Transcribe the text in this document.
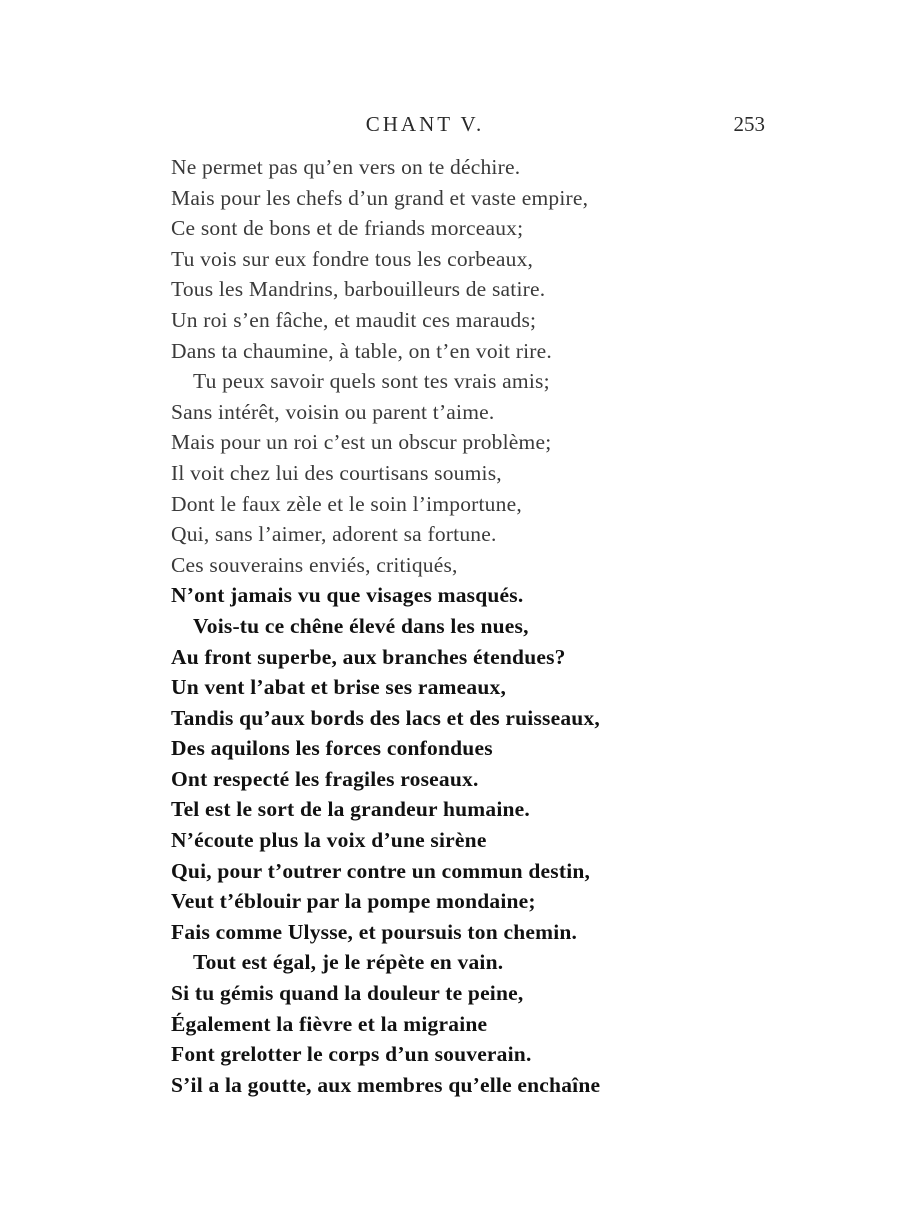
CHANT V.	253
Ne permet pas qu’en vers on te déchire.
Mais pour les chefs d’un grand et vaste empire,
Ce sont de bons et de friands morceaux;
Tu vois sur eux fondre tous les corbeaux,
Tous les Mandrins, barbouilleurs de satire.
Un roi s’en fâche, et maudit ces marauds;
Dans ta chaumine, à table, on t’en voit rire.
Tu peux savoir quels sont tes vrais amis;
Sans intérêt, voisin ou parent t’aime.
Mais pour un roi c’est un obscur problème;
Il voit chez lui des courtisans soumis,
Dont le faux zèle et le soin l’importune,
Qui, sans l’aimer, adorent sa fortune.
Ces souverains enviés, critiqués,
N’ont jamais vu que visages masqués.
Vois-tu ce chêne élevé dans les nues,
Au front superbe, aux branches étendues?
Un vent l’abat et brise ses rameaux,
Tandis qu’aux bords des lacs et des ruisseaux,
Des aquilons les forces confondues
Ont respecté les fragiles roseaux.
Tel est le sort de la grandeur humaine.
N’écoute plus la voix d’une sirène
Qui, pour t’outrer contre un commun destin,
Veut t’éblouir par la pompe mondaine;
Fais comme Ulysse, et poursuis ton chemin.
Tout est égal, je le répète en vain.
Si tu gémis quand la douleur te peine,
Également la fièvre et la migraine
Font grelotter le corps d’un souverain.
S’il a la goutte, aux membres qu’elle enchaîne
